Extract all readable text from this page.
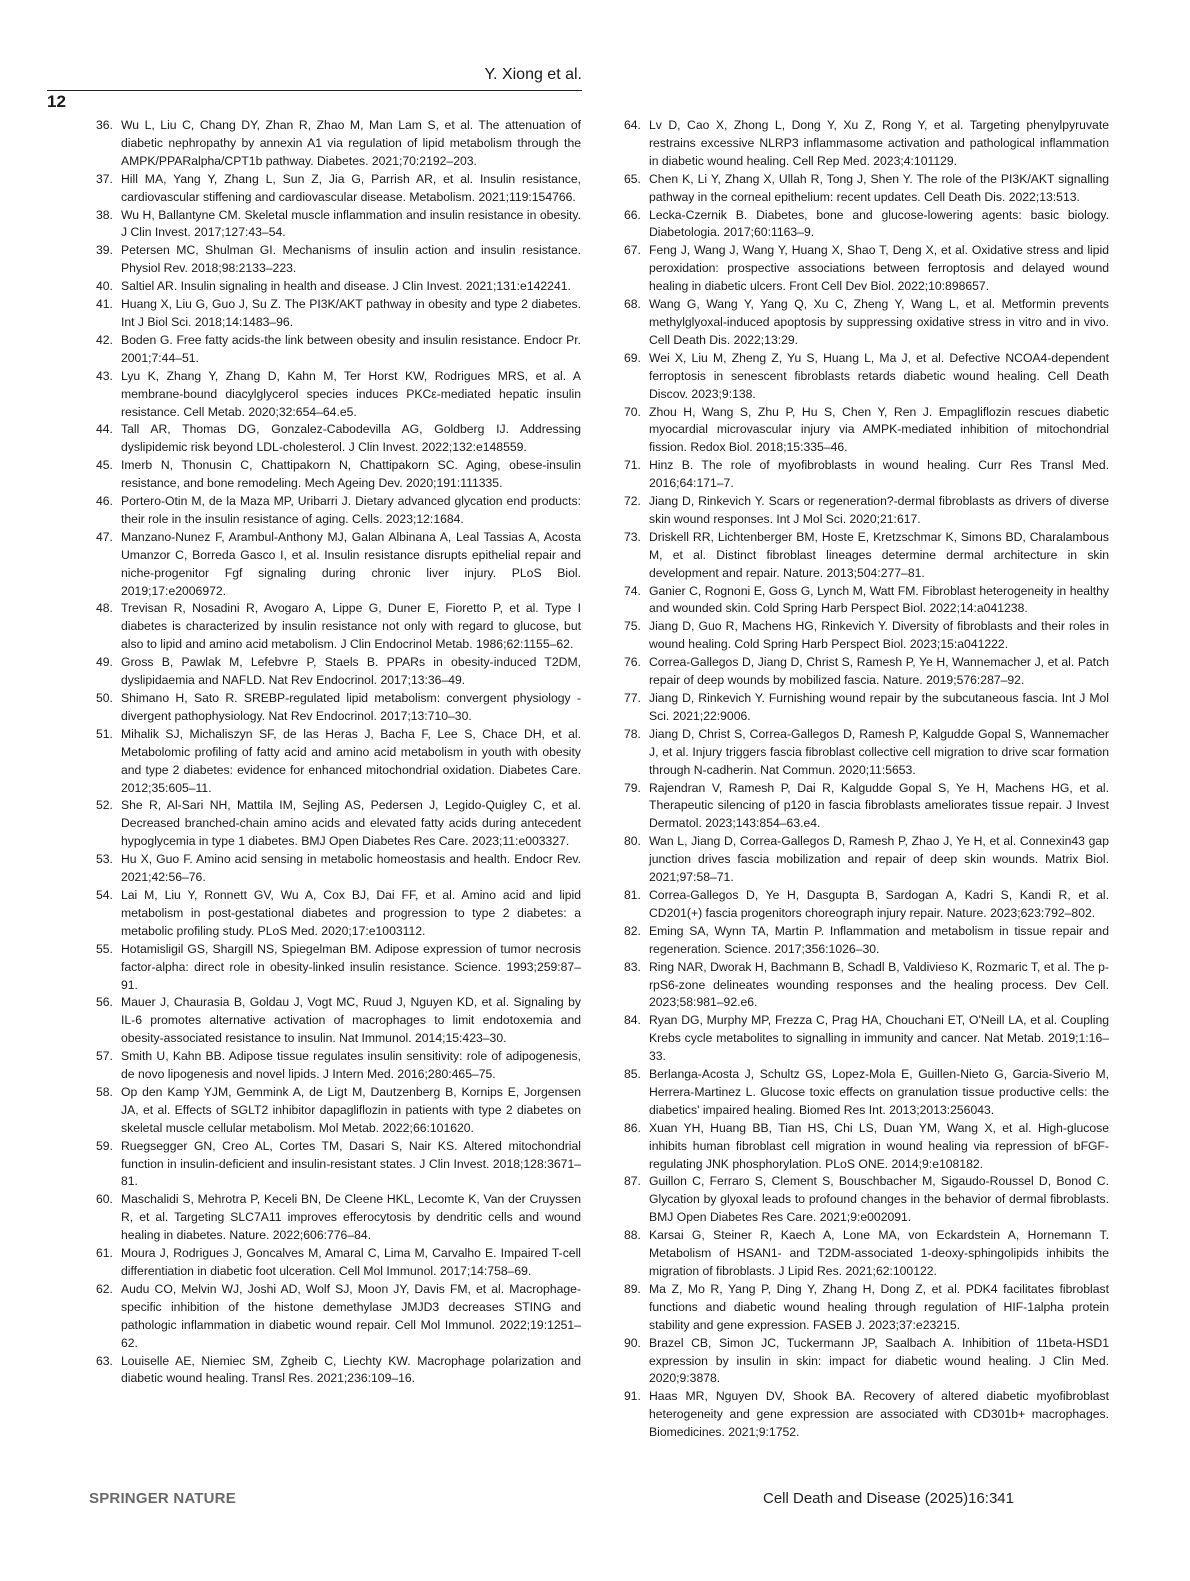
Y. Xiong et al.
12
36. Wu L, Liu C, Chang DY, Zhan R, Zhao M, Man Lam S, et al. The attenuation of diabetic nephropathy by annexin A1 via regulation of lipid metabolism through the AMPK/PPARalpha/CPT1b pathway. Diabetes. 2021;70:2192–203.
37. Hill MA, Yang Y, Zhang L, Sun Z, Jia G, Parrish AR, et al. Insulin resistance, cardiovascular stiffening and cardiovascular disease. Metabolism. 2021;119:154766.
38. Wu H, Ballantyne CM. Skeletal muscle inflammation and insulin resistance in obesity. J Clin Invest. 2017;127:43–54.
39. Petersen MC, Shulman GI. Mechanisms of insulin action and insulin resistance. Physiol Rev. 2018;98:2133–223.
40. Saltiel AR. Insulin signaling in health and disease. J Clin Invest. 2021;131:e142241.
41. Huang X, Liu G, Guo J, Su Z. The PI3K/AKT pathway in obesity and type 2 diabetes. Int J Biol Sci. 2018;14:1483–96.
42. Boden G. Free fatty acids-the link between obesity and insulin resistance. Endocr Pr. 2001;7:44–51.
43. Lyu K, Zhang Y, Zhang D, Kahn M, Ter Horst KW, Rodrigues MRS, et al. A membrane-bound diacylglycerol species induces PKCε-mediated hepatic insulin resistance. Cell Metab. 2020;32:654–64.e5.
44. Tall AR, Thomas DG, Gonzalez-Cabodevilla AG, Goldberg IJ. Addressing dyslipidemic risk beyond LDL-cholesterol. J Clin Invest. 2022;132:e148559.
45. Imerb N, Thonusin C, Chattipakorn N, Chattipakorn SC. Aging, obese-insulin resistance, and bone remodeling. Mech Ageing Dev. 2020;191:111335.
46. Portero-Otin M, de la Maza MP, Uribarri J. Dietary advanced glycation end products: their role in the insulin resistance of aging. Cells. 2023;12:1684.
47. Manzano-Nunez F, Arambul-Anthony MJ, Galan Albinana A, Leal Tassias A, Acosta Umanzor C, Borreda Gasco I, et al. Insulin resistance disrupts epithelial repair and niche-progenitor Fgf signaling during chronic liver injury. PLoS Biol. 2019;17:e2006972.
48. Trevisan R, Nosadini R, Avogaro A, Lippe G, Duner E, Fioretto P, et al. Type I diabetes is characterized by insulin resistance not only with regard to glucose, but also to lipid and amino acid metabolism. J Clin Endocrinol Metab. 1986;62:1155–62.
49. Gross B, Pawlak M, Lefebvre P, Staels B. PPARs in obesity-induced T2DM, dyslipidaemia and NAFLD. Nat Rev Endocrinol. 2017;13:36–49.
50. Shimano H, Sato R. SREBP-regulated lipid metabolism: convergent physiology - divergent pathophysiology. Nat Rev Endocrinol. 2017;13:710–30.
51. Mihalik SJ, Michaliszyn SF, de las Heras J, Bacha F, Lee S, Chace DH, et al. Metabolomic profiling of fatty acid and amino acid metabolism in youth with obesity and type 2 diabetes: evidence for enhanced mitochondrial oxidation. Diabetes Care. 2012;35:605–11.
52. She R, Al-Sari NH, Mattila IM, Sejling AS, Pedersen J, Legido-Quigley C, et al. Decreased branched-chain amino acids and elevated fatty acids during antecedent hypoglycemia in type 1 diabetes. BMJ Open Diabetes Res Care. 2023;11:e003327.
53. Hu X, Guo F. Amino acid sensing in metabolic homeostasis and health. Endocr Rev. 2021;42:56–76.
54. Lai M, Liu Y, Ronnett GV, Wu A, Cox BJ, Dai FF, et al. Amino acid and lipid metabolism in post-gestational diabetes and progression to type 2 diabetes: a metabolic profiling study. PLoS Med. 2020;17:e1003112.
55. Hotamisligil GS, Shargill NS, Spiegelman BM. Adipose expression of tumor necrosis factor-alpha: direct role in obesity-linked insulin resistance. Science. 1993;259:87–91.
56. Mauer J, Chaurasia B, Goldau J, Vogt MC, Ruud J, Nguyen KD, et al. Signaling by IL-6 promotes alternative activation of macrophages to limit endotoxemia and obesity-associated resistance to insulin. Nat Immunol. 2014;15:423–30.
57. Smith U, Kahn BB. Adipose tissue regulates insulin sensitivity: role of adipogenesis, de novo lipogenesis and novel lipids. J Intern Med. 2016;280:465–75.
58. Op den Kamp YJM, Gemmink A, de Ligt M, Dautzenberg B, Kornips E, Jorgensen JA, et al. Effects of SGLT2 inhibitor dapagliflozin in patients with type 2 diabetes on skeletal muscle cellular metabolism. Mol Metab. 2022;66:101620.
59. Ruegsegger GN, Creo AL, Cortes TM, Dasari S, Nair KS. Altered mitochondrial function in insulin-deficient and insulin-resistant states. J Clin Invest. 2018;128:3671–81.
60. Maschalidi S, Mehrotra P, Keceli BN, De Cleene HKL, Lecomte K, Van der Cruyssen R, et al. Targeting SLC7A11 improves efferocytosis by dendritic cells and wound healing in diabetes. Nature. 2022;606:776–84.
61. Moura J, Rodrigues J, Goncalves M, Amaral C, Lima M, Carvalho E. Impaired T-cell differentiation in diabetic foot ulceration. Cell Mol Immunol. 2017;14:758–69.
62. Audu CO, Melvin WJ, Joshi AD, Wolf SJ, Moon JY, Davis FM, et al. Macrophage-specific inhibition of the histone demethylase JMJD3 decreases STING and pathologic inflammation in diabetic wound repair. Cell Mol Immunol. 2022;19:1251–62.
63. Louiselle AE, Niemiec SM, Zgheib C, Liechty KW. Macrophage polarization and diabetic wound healing. Transl Res. 2021;236:109–16.
64. Lv D, Cao X, Zhong L, Dong Y, Xu Z, Rong Y, et al. Targeting phenylpyruvate restrains excessive NLRP3 inflammasome activation and pathological inflammation in diabetic wound healing. Cell Rep Med. 2023;4:101129.
65. Chen K, Li Y, Zhang X, Ullah R, Tong J, Shen Y. The role of the PI3K/AKT signalling pathway in the corneal epithelium: recent updates. Cell Death Dis. 2022;13:513.
66. Lecka-Czernik B. Diabetes, bone and glucose-lowering agents: basic biology. Diabetologia. 2017;60:1163–9.
67. Feng J, Wang J, Wang Y, Huang X, Shao T, Deng X, et al. Oxidative stress and lipid peroxidation: prospective associations between ferroptosis and delayed wound healing in diabetic ulcers. Front Cell Dev Biol. 2022;10:898657.
68. Wang G, Wang Y, Yang Q, Xu C, Zheng Y, Wang L, et al. Metformin prevents methylglyoxal-induced apoptosis by suppressing oxidative stress in vitro and in vivo. Cell Death Dis. 2022;13:29.
69. Wei X, Liu M, Zheng Z, Yu S, Huang L, Ma J, et al. Defective NCOA4-dependent ferroptosis in senescent fibroblasts retards diabetic wound healing. Cell Death Discov. 2023;9:138.
70. Zhou H, Wang S, Zhu P, Hu S, Chen Y, Ren J. Empagliflozin rescues diabetic myocardial microvascular injury via AMPK-mediated inhibition of mitochondrial fission. Redox Biol. 2018;15:335–46.
71. Hinz B. The role of myofibroblasts in wound healing. Curr Res Transl Med. 2016;64:171–7.
72. Jiang D, Rinkevich Y. Scars or regeneration?-dermal fibroblasts as drivers of diverse skin wound responses. Int J Mol Sci. 2020;21:617.
73. Driskell RR, Lichtenberger BM, Hoste E, Kretzschmar K, Simons BD, Charalambous M, et al. Distinct fibroblast lineages determine dermal architecture in skin development and repair. Nature. 2013;504:277–81.
74. Ganier C, Rognoni E, Goss G, Lynch M, Watt FM. Fibroblast heterogeneity in healthy and wounded skin. Cold Spring Harb Perspect Biol. 2022;14:a041238.
75. Jiang D, Guo R, Machens HG, Rinkevich Y. Diversity of fibroblasts and their roles in wound healing. Cold Spring Harb Perspect Biol. 2023;15:a041222.
76. Correa-Gallegos D, Jiang D, Christ S, Ramesh P, Ye H, Wannemacher J, et al. Patch repair of deep wounds by mobilized fascia. Nature. 2019;576:287–92.
77. Jiang D, Rinkevich Y. Furnishing wound repair by the subcutaneous fascia. Int J Mol Sci. 2021;22:9006.
78. Jiang D, Christ S, Correa-Gallegos D, Ramesh P, Kalgudde Gopal S, Wannemacher J, et al. Injury triggers fascia fibroblast collective cell migration to drive scar formation through N-cadherin. Nat Commun. 2020;11:5653.
79. Rajendran V, Ramesh P, Dai R, Kalgudde Gopal S, Ye H, Machens HG, et al. Therapeutic silencing of p120 in fascia fibroblasts ameliorates tissue repair. J Invest Dermatol. 2023;143:854–63.e4.
80. Wan L, Jiang D, Correa-Gallegos D, Ramesh P, Zhao J, Ye H, et al. Connexin43 gap junction drives fascia mobilization and repair of deep skin wounds. Matrix Biol. 2021;97:58–71.
81. Correa-Gallegos D, Ye H, Dasgupta B, Sardogan A, Kadri S, Kandi R, et al. CD201(+) fascia progenitors choreograph injury repair. Nature. 2023;623:792–802.
82. Eming SA, Wynn TA, Martin P. Inflammation and metabolism in tissue repair and regeneration. Science. 2017;356:1026–30.
83. Ring NAR, Dworak H, Bachmann B, Schadl B, Valdivieso K, Rozmaric T, et al. The p-rpS6-zone delineates wounding responses and the healing process. Dev Cell. 2023;58:981–92.e6.
84. Ryan DG, Murphy MP, Frezza C, Prag HA, Chouchani ET, O'Neill LA, et al. Coupling Krebs cycle metabolites to signalling in immunity and cancer. Nat Metab. 2019;1:16–33.
85. Berlanga-Acosta J, Schultz GS, Lopez-Mola E, Guillen-Nieto G, Garcia-Siverio M, Herrera-Martinez L. Glucose toxic effects on granulation tissue productive cells: the diabetics' impaired healing. Biomed Res Int. 2013;2013:256043.
86. Xuan YH, Huang BB, Tian HS, Chi LS, Duan YM, Wang X, et al. High-glucose inhibits human fibroblast cell migration in wound healing via repression of bFGF-regulating JNK phosphorylation. PLoS ONE. 2014;9:e108182.
87. Guillon C, Ferraro S, Clement S, Bouschbacher M, Sigaudo-Roussel D, Bonod C. Glycation by glyoxal leads to profound changes in the behavior of dermal fibroblasts. BMJ Open Diabetes Res Care. 2021;9:e002091.
88. Karsai G, Steiner R, Kaech A, Lone MA, von Eckardstein A, Hornemann T. Metabolism of HSAN1- and T2DM-associated 1-deoxy-sphingolipids inhibits the migration of fibroblasts. J Lipid Res. 2021;62:100122.
89. Ma Z, Mo R, Yang P, Ding Y, Zhang H, Dong Z, et al. PDK4 facilitates fibroblast functions and diabetic wound healing through regulation of HIF-1alpha protein stability and gene expression. FASEB J. 2023;37:e23215.
90. Brazel CB, Simon JC, Tuckermann JP, Saalbach A. Inhibition of 11beta-HSD1 expression by insulin in skin: impact for diabetic wound healing. J Clin Med. 2020;9:3878.
91. Haas MR, Nguyen DV, Shook BA. Recovery of altered diabetic myofibroblast heterogeneity and gene expression are associated with CD301b+ macrophages. Biomedicines. 2021;9:1752.
SPRINGER NATURE	Cell Death and Disease (2025)16:341
